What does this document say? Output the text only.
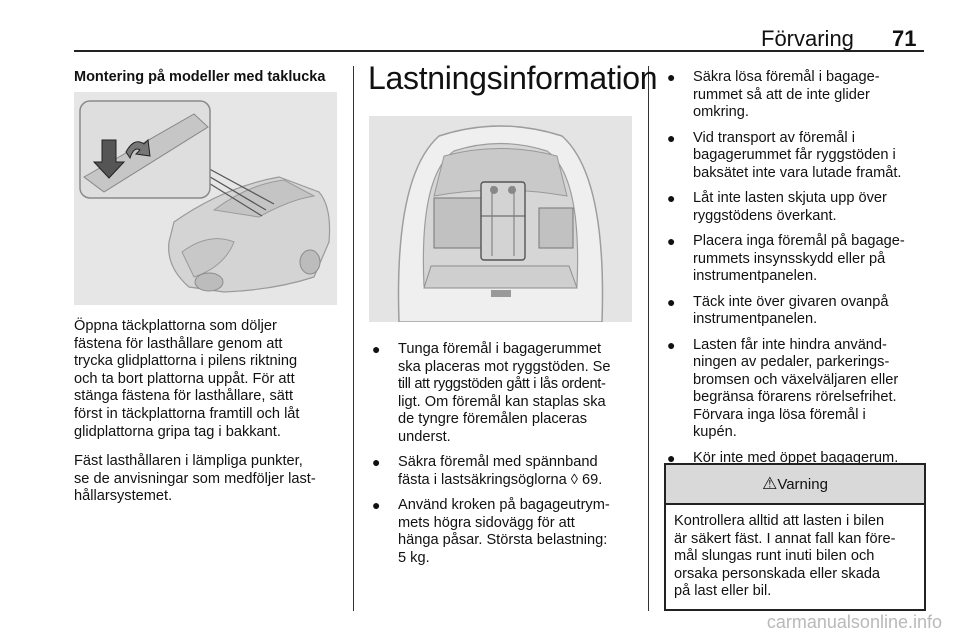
Förvaring 71
Montering på modeller med taklucka
Öppna täckplattorna som döljer
fästena för lasthållare genom att
trycka glidplattorna i pilens riktning
och ta bort plattorna uppåt. För att
stänga fästena för lasthållare, sätt
först in täckplattorna framtill och låt
glidplattorna gripa tag i bakkant.
Fäst lasthållaren i lämpliga punkter,
se de anvisningar som medföljer last-
hållarsystemet.
Lastningsinformation
● Tunga föremål i bagagerummet
ska placeras mot ryggstöden. Se
till att ryggstöden gått i lås ordent-
ligt. Om föremål kan staplas ska
de tyngre föremålen placeras
underst.
● Säkra föremål med spännband
fästa i lastsäkringsöglorna ◊ 69.
● Använd kroken på bagageutrym-
mets högra sidovägg för att
hänga påsar. Största belastning:
5 kg.
● Säkra lösa föremål i bagage-
rummet så att de inte glider
omkring.
● Vid transport av föremål i
bagagerummet får ryggstöden i
baksätet inte vara lutade framåt.
● Låt inte lasten skjuta upp över
ryggstödens överkant.
● Placera inga föremål på bagage-
rummets insynsskydd eller på
instrumentpanelen.
● Täck inte över givaren ovanpå
instrumentpanelen.
● Lasten får inte hindra använd-
ningen av pedaler, parkerings-
bromsen och växelväljaren eller
begränsa förarens rörelsefrihet.
Förvara inga lösa föremål i
kupén.
● Kör inte med öppet bagagerum.
⚠Varning
Kontrollera alltid att lasten i bilen
är säkert fäst. I annat fall kan före-
mål slungas runt inuti bilen och
orsaka personskada eller skada
på last eller bil.
carmanualsonline.info
